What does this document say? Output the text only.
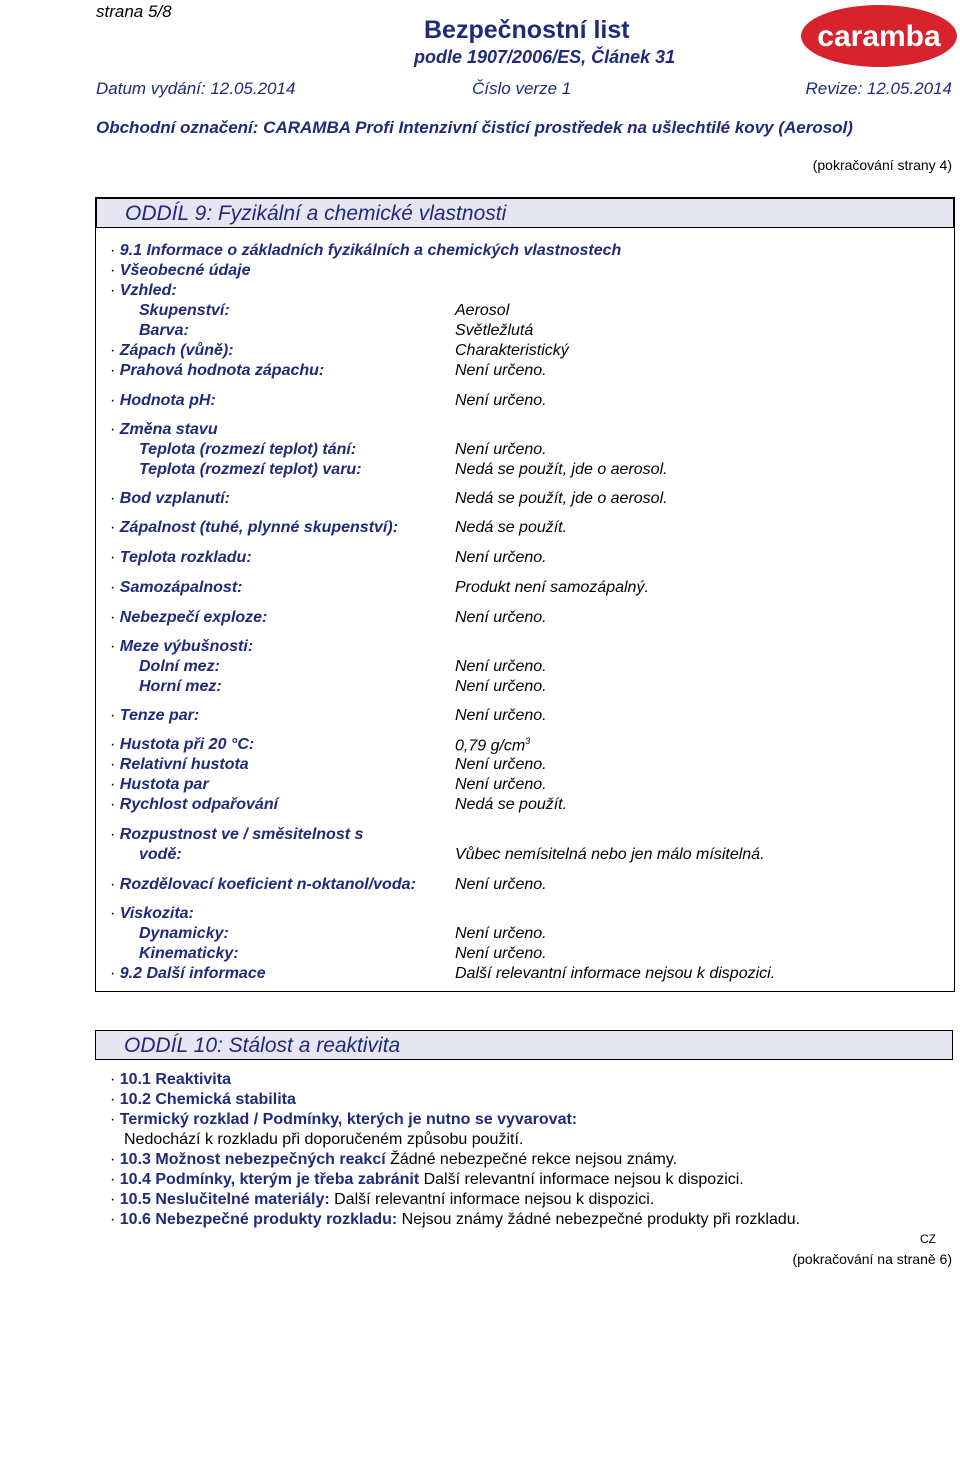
strana 5/8
Bezpečnostní list
podle 1907/2006/ES, Článek 31
caramba
Datum vydání: 12.05.2014	Číslo verze 1	Revize: 12.05.2014
Obchodní označení: CARAMBA Profi Intenzivní čisticí prostředek na ušlechtilé kovy (Aerosol)
(pokračování strany 4)
ODDÍL 9: Fyzikální a chemické vlastnosti
· 9.1 Informace o základních fyzikálních a chemických vlastnostech
· Všeobecné údaje
· Vzhled:
Skupenství:	Aerosol
Barva:	Světležlutá
· Zápach (vůně):	Charakteristický
· Prahová hodnota zápachu:	Není určeno.
· Hodnota pH:	Není určeno.
· Změna stavu
Teplota (rozmezí teplot) tání:	Není určeno.
Teplota (rozmezí teplot) varu:	Nedá se použít, jde o aerosol.
· Bod vzplanutí:	Nedá se použít, jde o aerosol.
· Zápalnost (tuhé, plynné skupenství):	Nedá se použít.
· Teplota rozkladu:	Není určeno.
· Samozápalnost:	Produkt není samozápalný.
· Nebezpečí exploze:	Není určeno.
· Meze výbušnosti:
Dolní mez:	Není určeno.
Horní mez:	Není určeno.
· Tenze par:	Není určeno.
· Hustota při 20 °C:	0,79 $g/cm^3$
· Relativní hustota	Není určeno.
· Hustota par	Není určeno.
· Rychlost odpařování	Nedá se použít.
· Rozpustnost ve / směsitelnost s
vodě:	Vůbec nemísitelná nebo jen málo mísitelná.
· Rozdělovací koeficient n-oktanol/voda: Není určeno.
· Viskozita:
Dynamicky:	Není určeno.
Kinematicky:	Není určeno.
· 9.2 Další informace	Další relevantní informace nejsou k dispozici.
ODDÍL 10: Stálost a reaktivita
· 10.1 Reaktivita
· 10.2 Chemická stabilita
· Termický rozklad / Podmínky, kterých je nutno se vyvarovat:
Nedochází k rozkladu při doporučeném způsobu použití.
· 10.3 Možnost nebezpečných reakcí Žádné nebezpečné rekce nejsou známy.
· 10.4 Podmínky, kterým je třeba zabránit Další relevantní informace nejsou k dispozici.
· 10.5 Neslučitelné materiály: Další relevantní informace nejsou k dispozici.
· 10.6 Nebezpečné produkty rozkladu: Nejsou známy žádné nebezpečné produkty při rozkladu.
CZ
(pokračování na straně 6)
